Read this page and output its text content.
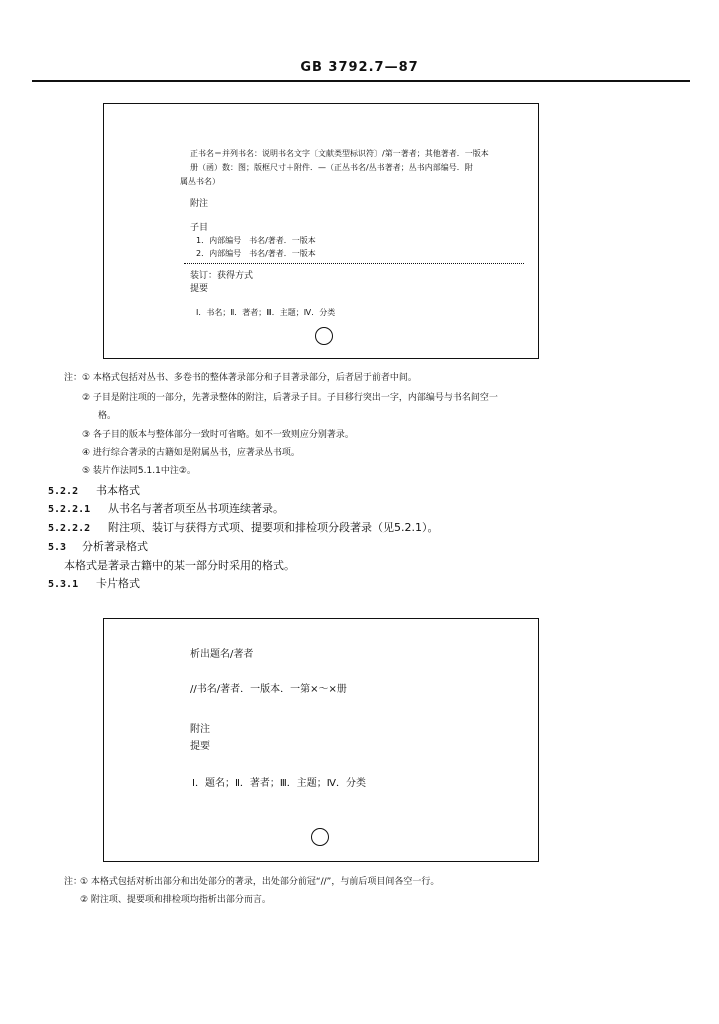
GB 3792.7—87
正书名＝并列书名：说明书名文字〔文献类型标识符〕/第一著者；其他著者．一版本
册（函）数：图；版框尺寸＋附件．—（正丛书名/丛书著者；丛书内部编号．附
属丛书名）
附注
子目
1．内部编号　书名/著者．一版本
2．内部编号　书名/著者．一版本
装订：获得方式
提要
Ⅰ．书名；Ⅱ．著者；Ⅲ．主题；Ⅳ．分类
注： ① 本格式包括对丛书、多卷书的整体著录部分和子目著录部分，后者居于前者中间。
② 子目是附注项的一部分，先著录整体的附注，后著录子目。子目移行突出一字，内部编号与书名间空一
格。
③ 各子目的版本与整体部分一致时可省略。如不一致则应分别著录。
④ 进行综合著录的古籍如是附属丛书，应著录丛书项。
⑤ 装片作法同5.1.1中注②。
5.2.2 书本格式
5.2.2.1 从书名与著者项至丛书项连续著录。
5.2.2.2 附注项、装订与获得方式项、提要项和排检项分段著录（见5.2.1）。
5.3 分析著录格式
本格式是著录古籍中的某一部分时采用的格式。
5.3.1 卡片格式
析出题名/著者
//书名/著者．一版本．一第×～×册
附注
提要
Ⅰ．题名；Ⅱ．著者；Ⅲ．主题；Ⅳ．分类
注：
① 本格式包括对析出部分和出处部分的著录，出处部分前冠“//”，与前后项目间各空一行。
② 附注项、提要项和排检项均指析出部分而言。
